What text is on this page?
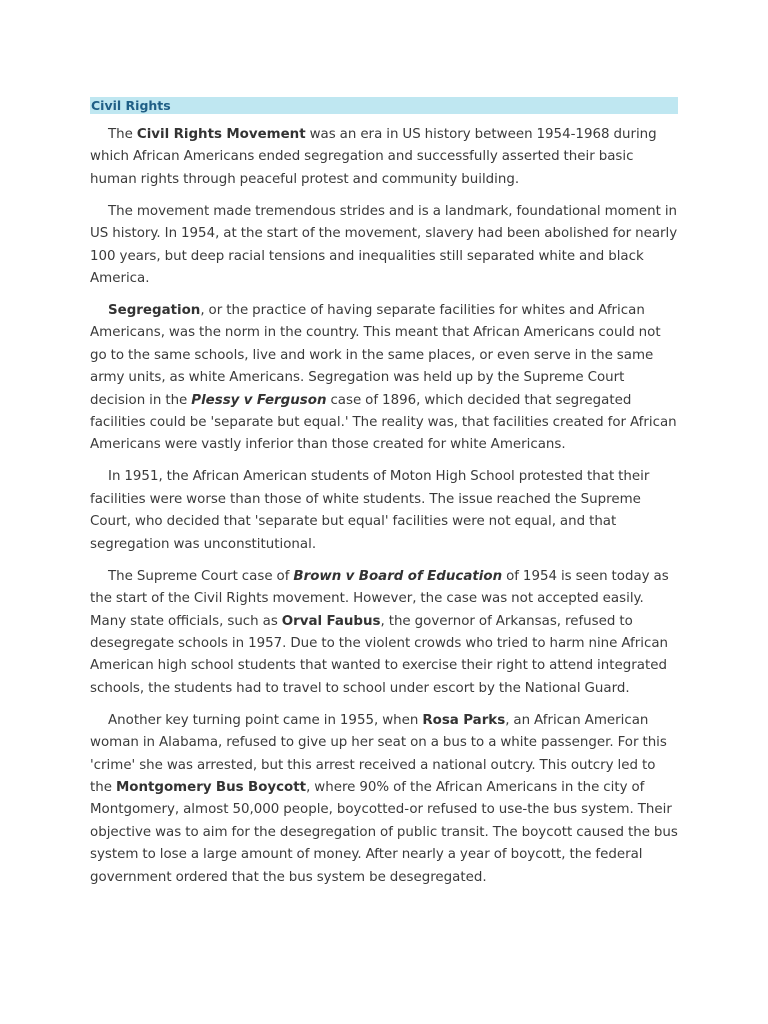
Civil Rights

The Civil Rights Movement was an era in US history between 1954-1968 during which African Americans ended segregation and successfully asserted their basic human rights through peaceful protest and community building.

The movement made tremendous strides and is a landmark, foundational moment in US history. In 1954, at the start of the movement, slavery had been abolished for nearly 100 years, but deep racial tensions and inequalities still separated white and black America.

Segregation, or the practice of having separate facilities for whites and African Americans, was the norm in the country. This meant that African Americans could not go to the same schools, live and work in the same places, or even serve in the same army units, as white Americans. Segregation was held up by the Supreme Court decision in the Plessy v Ferguson case of 1896, which decided that segregated facilities could be 'separate but equal.' The reality was, that facilities created for African Americans were vastly inferior than those created for white Americans.

In 1951, the African American students of Moton High School protested that their facilities were worse than those of white students. The issue reached the Supreme Court, who decided that 'separate but equal' facilities were not equal, and that segregation was unconstitutional.

The Supreme Court case of Brown v Board of Education of 1954 is seen today as the start of the Civil Rights movement. However, the case was not accepted easily. Many state officials, such as Orval Faubus, the governor of Arkansas, refused to desegregate schools in 1957. Due to the violent crowds who tried to harm nine African American high school students that wanted to exercise their right to attend integrated schools, the students had to travel to school under escort by the National Guard.

Another key turning point came in 1955, when Rosa Parks, an African American woman in Alabama, refused to give up her seat on a bus to a white passenger. For this 'crime' she was arrested, but this arrest received a national outcry. This outcry led to the Montgomery Bus Boycott, where 90% of the African Americans in the city of Montgomery, almost 50,000 people, boycotted-or refused to use-the bus system. Their objective was to aim for the desegregation of public transit. The boycott caused the bus system to lose a large amount of money. After nearly a year of boycott, the federal government ordered that the bus system be desegregated.
